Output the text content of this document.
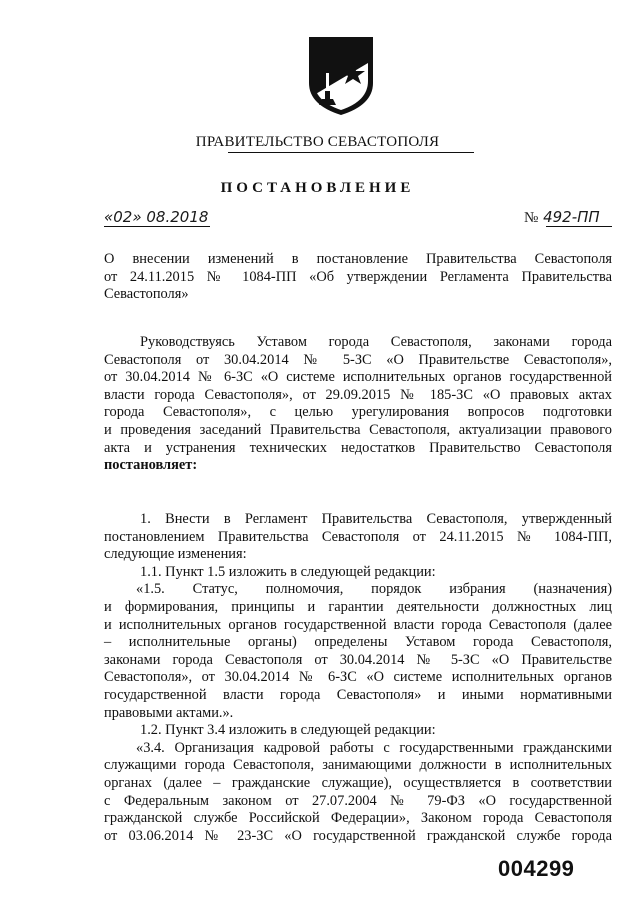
ПРАВИТЕЛЬСТВО СЕВАСТОПОЛЯ
ПОСТАНОВЛЕНИЕ
«02» 08.2018	№ 492-ПП
О внесении изменений в постановление Правительства Севастополя
от 24.11.2015 № 1084-ПП «Об утверждении Регламента Правительства
Севастополя»
Руководствуясь Уставом города Севастополя, законами города
Севастополя от 30.04.2014 № 5-ЗС «О Правительстве Севастополя»,
от 30.04.2014 № 6-ЗС «О системе исполнительных органов государственной
власти города Севастополя», от 29.09.2015 № 185-ЗС «О правовых актах
города Севастополя», с целью урегулирования вопросов подготовки
и проведения заседаний Правительства Севастополя, актуализации правового
акта и устранения технических недостатков Правительство Севастополя
постановляет:
1. Внести в Регламент Правительства Севастополя, утвержденный
постановлением Правительства Севастополя от 24.11.2015 № 1084-ПП,
следующие изменения:
1.1. Пункт 1.5 изложить в следующей редакции:
«1.5. Статус, полномочия, порядок избрания (назначения)
и формирования, принципы и гарантии деятельности должностных лиц
и исполнительных органов государственной власти города Севастополя (далее
– исполнительные органы) определены Уставом города Севастополя,
законами города Севастополя от 30.04.2014 № 5-ЗС «О Правительстве
Севастополя», от 30.04.2014 № 6-ЗС «О системе исполнительных органов
государственной власти города Севастополя» и иными нормативными
правовыми актами.».
1.2. Пункт 3.4 изложить в следующей редакции:
«3.4. Организация кадровой работы с государственными гражданскими
служащими города Севастополя, занимающими должности в исполнительных
органах (далее – гражданские служащие), осуществляется в соответствии
с Федеральным законом от 27.07.2004 № 79-ФЗ «О государственной
гражданской службе Российской Федерации», Законом города Севастополя
от 03.06.2014 № 23-ЗС «О государственной гражданской службе города
004299
